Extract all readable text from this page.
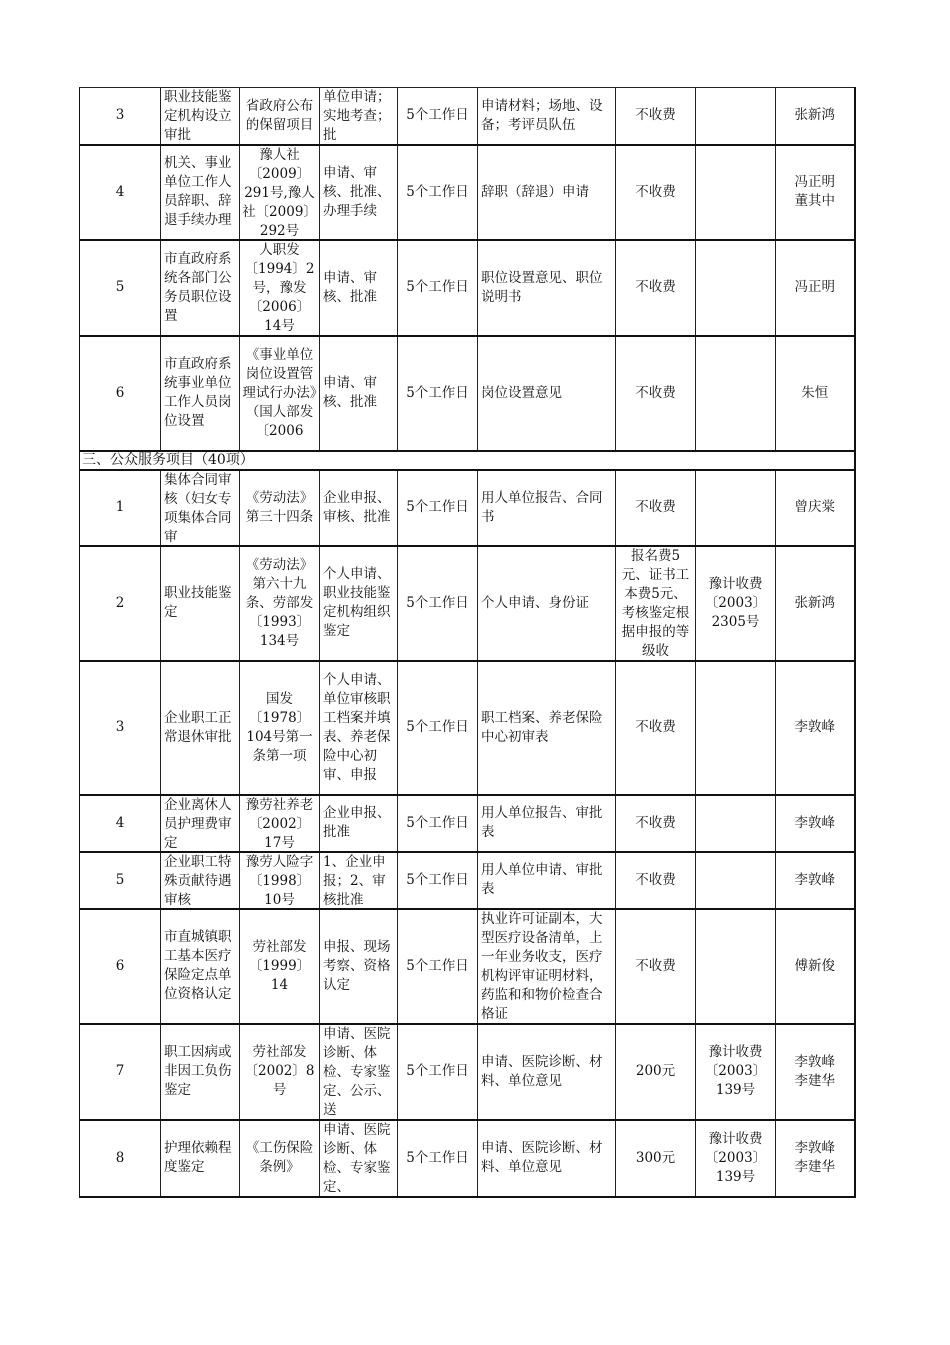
3	职业技能鉴定机构设立审批	省政府公布的保留项目	单位申请；实地考查；批	5个工作日	申请材料；场地、设备；考评员队伍	不收费		张新鸿

4	机关、事业单位工作人员辞职、辞退手续办理	豫人社〔2009〕291号,豫人社〔2009〕292号	申请、审核、批准、办理手续	5个工作日	辞职（辞退）申请	不收费		冯正明
董其中

5	市直政府系统各部门公务员职位设置	人职发〔1994〕2号，豫发〔2006〕14号	申请、审核、批准	5个工作日	职位设置意见、职位说明书	不收费		冯正明

6	市直政府系统事业单位工作人员岗位设置	《事业单位岗位设置管理试行办法》（国人部发〔2006	申请、审核、批准	5个工作日	岗位设置意见	不收费		朱恒

三、公众服务项目（40项）								

1	集体合同审核（妇女专项集体合同审	《劳动法》第三十四条	企业申报、审核、批准	5个工作日	用人单位报告、合同书	不收费		曾庆棠

2	职业技能鉴定	《劳动法》第六十九条、劳部发〔1993〕134号	个人申请、职业技能鉴定机构组织鉴定	5个工作日	个人申请、身份证	报名费5元、证书工本费5元、考核鉴定根据申报的等级收	豫计收费〔2003〕2305号	张新鸿

3	企业职工正常退休审批	国发〔1978〕104号第一条第一项	个人申请、单位审核职工档案并填表、养老保险中心初审、申报	5个工作日	职工档案、养老保险中心初审表	不收费		李敦峰

4	企业离休人员护理费审定	豫劳社养老〔2002〕17号	企业申报、批准	5个工作日	用人单位报告、审批表	不收费		李敦峰

5	企业职工特殊贡献待遇审核	豫劳人险字〔1998〕10号	1、企业申报；2、审核批准	5个工作日	用人单位申请、审批表	不收费		李敦峰

6	市直城镇职工基本医疗保险定点单位资格认定	劳社部发〔1999〕14	申报、现场考察、资格认定	5个工作日	执业许可证副本，大型医疗设备清单，上一年业务收支，医疗机构评审证明材料，药监和和物价检查合格证	不收费		傅新俊

7	职工因病或非因工负伤鉴定	劳社部发〔2002〕8号	申请、医院诊断、体检、专家鉴定、公示、送	5个工作日	申请、医院诊断、材料、单位意见	200元	豫计收费〔2003〕139号	李敦峰
李建华

8	护理依赖程度鉴定	《工伤保险条例》	申请、医院诊断、体检、专家鉴定、	5个工作日	申请、医院诊断、材料、单位意见	300元	豫计收费〔2003〕139号	李敦峰
李建华
